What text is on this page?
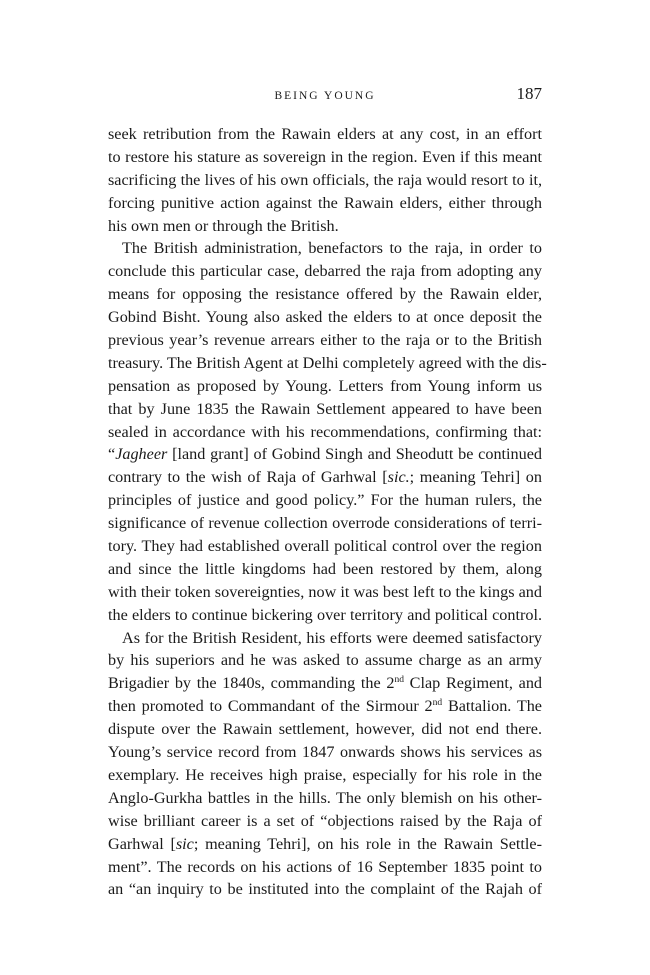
BEING YOUNG	187
seek retribution from the Rawain elders at any cost, in an effort
to restore his stature as sovereign in the region. Even if this meant
sacrificing the lives of his own officials, the raja would resort to it,
forcing punitive action against the Rawain elders, either through
his own men or through the British.
The British administration, benefactors to the raja, in order to
conclude this particular case, debarred the raja from adopting any
means for opposing the resistance offered by the Rawain elder,
Gobind Bisht. Young also asked the elders to at once deposit the
previous year’s revenue arrears either to the raja or to the British
treasury. The British Agent at Delhi completely agreed with the dis-
pensation as proposed by Young. Letters from Young inform us
that by June 1835 the Rawain Settlement appeared to have been
sealed in accordance with his recommendations, confirming that:
“Jagheer [land grant] of Gobind Singh and Sheodutt be continued
contrary to the wish of Raja of Garhwal [sic.; meaning Tehri] on
principles of justice and good policy.” For the human rulers, the
significance of revenue collection overrode considerations of terri-
tory. They had established overall political control over the region
and since the little kingdoms had been restored by them, along
with their token sovereignties, now it was best left to the kings and
the elders to continue bickering over territory and political control.
As for the British Resident, his efforts were deemed satisfactory
by his superiors and he was asked to assume charge as an army
Brigadier by the 1840s, commanding the 2nd Clap Regiment, and
then promoted to Commandant of the Sirmour 2nd Battalion. The
dispute over the Rawain settlement, however, did not end there.
Young’s service record from 1847 onwards shows his services as
exemplary. He receives high praise, especially for his role in the
Anglo-Gurkha battles in the hills. The only blemish on his other-
wise brilliant career is a set of “objections raised by the Raja of
Garhwal [sic; meaning Tehri], on his role in the Rawain Settle-
ment”. The records on his actions of 16 September 1835 point to
an “an inquiry to be instituted into the complaint of the Rajah of
